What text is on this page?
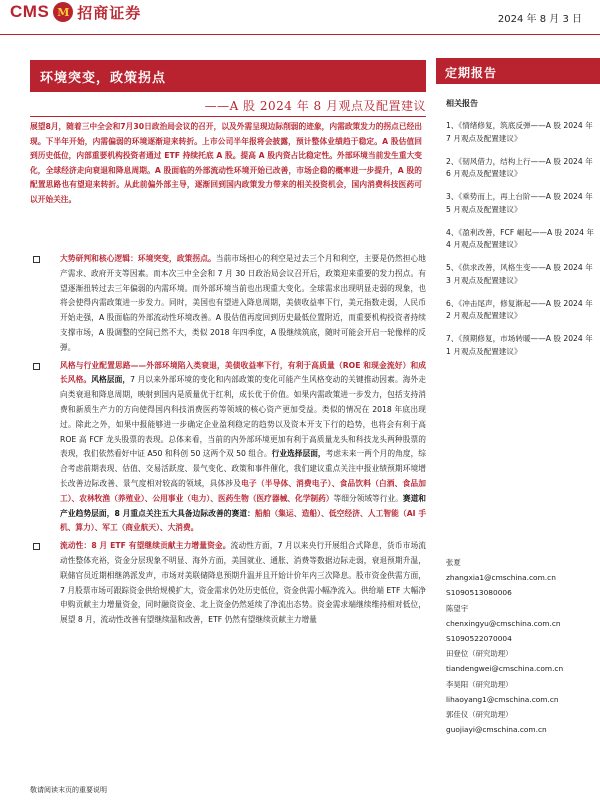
CMS M 招商证券	2024 年 8 月 3 日
环境突变，政策拐点
——A 股 2024 年 8 月观点及配置建议
展望8月，随着三中全会和7月30日政治局会议的召开，以及外需呈现边际削弱的迹象，内需政策发力的拐点已经出现。下半年开始，内需偏弱的环境逐渐迎来转折。上市公司半年报将会披露，预计整体业绩趋于稳定。A 股估值回到历史低位，内部重要机构投资者通过 ETF 持续托底 A 股。提高 A 股内资占比稳定性。外部环境当前发生重大变化，全球经济走向衰退和降息周期。A 股面临的外部流动性环境开始已改善，市场企稳的概率进一步提升，A 股的配置思路也有望迎来转折。从此前偏外部主导，逐渐回到国内政策发力带来的相关投资机会，国内消费科技医药可以开始关注。
大势研判和核心逻辑：环境突变，政策拐点。当前市场担心的利空是过去三个月和利空，主要是仍然担心地产需求、政府开支等因素。而本次三中全会和 7 月 30 日政治局会议召开后，政策迎来重要的发力拐点。有望逐渐扭转过去三年偏弱的内需环境。而外部环境当前也出现重大变化。全球需求出现明显走弱的现象，也将会使得内需政策进一步发力。同时，美国也有望进入降息周期，美债收益率下行，美元指数走弱，人民币开始走强，A 股面临的外部流动性环境改善。A 股估值再度回到历史最低位置附近，而重要机构投资者持续支撑市场，A 股调整的空间已然不大，类似 2018 年四季度，A 股继续筑底，随时可能会开启一轮像样的反弹。
风格与行业配置思路——外部环境陷入类衰退，美债收益率下行，有利于高质量（ROE 和现金流好）和成长风格。风格层面，7 月以来外部环境的变化和内部政策的变化可能产生风格变动的关键推动因素。海外走向类衰退和降息周期，映射到国内是质量优于红利，成长优于价值。如果内需政策进一步发力，包括支持消费和新质生产力的方向使得国内科技消费医药等领域的核心资产更加受益。类似的情况在 2018 年底出现过。除此之外，如果中报能够进一步确定企业盈利稳定的趋势以及资本开支下行的趋势，也将会有利于高 ROE 高 FCF 龙头股票的表现。总体来看，当前的内外部环境更加有利于高质量龙头和科技龙头两种股票的表现，我们依然看好中证 A50 和科创 50 这两个双 50 组合。行业选择层面，考虑未来一两个月的角度，综合考虑前期表现、估值、交易活跃度、景气变化、政策和事件催化，我们建议重点关注中报业绩预期环境增长改善边际改善、景气度相对较高的领域，具体涉及电子（半导体、消费电子）、食品饮料（白酒、食品加工）、农林牧渔（养殖业）、公用事业（电力）、医药生物（医疗器械、化学制药）等细分领域等行业。赛道和产业趋势层面，8 月重点关注五大具备边际改善的赛道：船舶（集运、造船）、低空经济、人工智能（AI 手机、算力）、军工（商业航天）、大消费。
流动性：8 月 ETF 有望继续贡献主力增量资金。流动性方面，7 月以来央行开展组合式降息，货币市场流动性整体充裕，资金分层现象不明显、海外方面，美国就业、通胀、消费等数据边际走弱，衰退预期升温，联储官员近期相继鸽派发声，市场对美联储降息预期升温并且开始计价年内三次降息。股市资金供需方面，7 月股票市场可跟踪资金供给规模扩大，资金需求仍处历史低位，资金供需小幅净流入。供给端 ETF 大幅净申购贡献主力增量资金，同时融资资金、北上资金仍然延续了净流出态势。资金需求端继续维持相对低位，展望 8 月，流动性改善有望继续温和改善，ETF 仍然有望继续贡献主力增量
定期报告
相关报告
1、《情绪修复，筑底反弹——A 股 2024 年 7 月观点及配置建议》
2、《韧风借力，结构上行——A 股 2024 年 6 月观点及配置建议》
3、《乘势而上，再上台阶——A 股 2024 年 5 月观点及配置建议》
4、《盈利改善，FCF 崛起——A 股 2024 年 4 月观点及配置建议》
5、《供求改善，风格生变——A 股 2024 年 3 月观点及配置建议》
6、《冲击尾声，修复渐起——A 股 2024 年 2 月观点及配置建议》
7、《预期修复，市场转暖——A 股 2024 年 1 月观点及配置建议》
张夏
zhangxia1@cmschina.com.cn
S1090513080006
陈望宇
chenxingyu@cmschina.com.cn
S1090522070004
田登位（研究助理）
tiandengwei@cmschina.com.cn
李昊阳（研究助理）
lihaoyang1@cmschina.com.cn
郭佳仪（研究助理）
guojiayi@cmschina.com.cn
敬请阅读末页的重要说明
